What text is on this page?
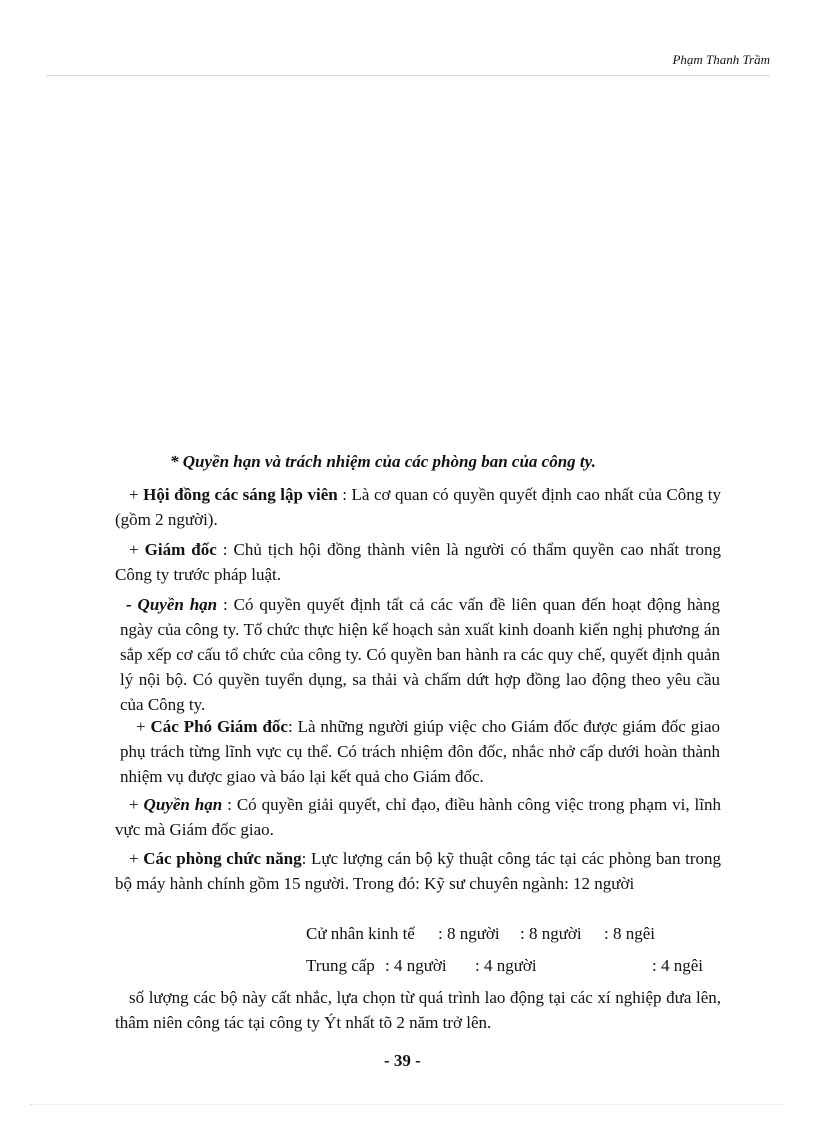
Phạm Thanh Trầm
* Quyền hạn và trách nhiệm của các phòng ban của công ty.
+ Hội đồng các sáng lập viên : Là cơ quan có quyền quyết định cao nhất của Công ty (gồm 2 người).
+ Giám đốc : Chủ tịch hội đồng thành viên là người có thẩm quyền cao nhất trong Công ty trước pháp luật.
- Quyền hạn : Có quyền quyết định tất cả các vấn đề liên quan đến hoạt động hàng ngày của công ty. Tổ chức thực hiện kế hoạch sản xuất kinh doanh kiến nghị phương án sắp xếp cơ cấu tổ chức của công ty. Có quyền ban hành ra các quy chế, quyết định quản lý nội bộ. Có quyền tuyển dụng, sa thải và chấm dứt hợp đồng lao động theo yêu cầu của Công ty.
+ Các Phó Giám đốc: Là những người giúp việc cho Giám đốc được giám đốc giao phụ trách từng lĩnh vực cụ thể. Có trách nhiệm đôn đốc, nhắc nhở cấp dưới hoàn thành nhiệm vụ được giao và báo lại kết quả cho Giám đốc.
+ Quyền hạn : Có quyền giải quyết, chỉ đạo, điều hành công việc trong phạm vi, lĩnh vực mà Giám đốc giao.
+ Các phòng chức năng: Lực lượng cán bộ kỹ thuật công tác tại các phòng ban trong bộ máy hành chính gồm 15 người. Trong đó: Kỹ sư chuyên ngành: 12 người
Cử nhân kinh tế : 8 người : 8 người : 8 ngêi
Trung cấp : 4 người : 4 người	: 4 ngêi
số lượng các bộ này cất nhắc, lựa chọn từ quá trình lao động tại các xí nghiệp đưa lên, thâm niên công tác tại công ty Ýt nhất tõ 2 năm trở lên.
- 39 -
